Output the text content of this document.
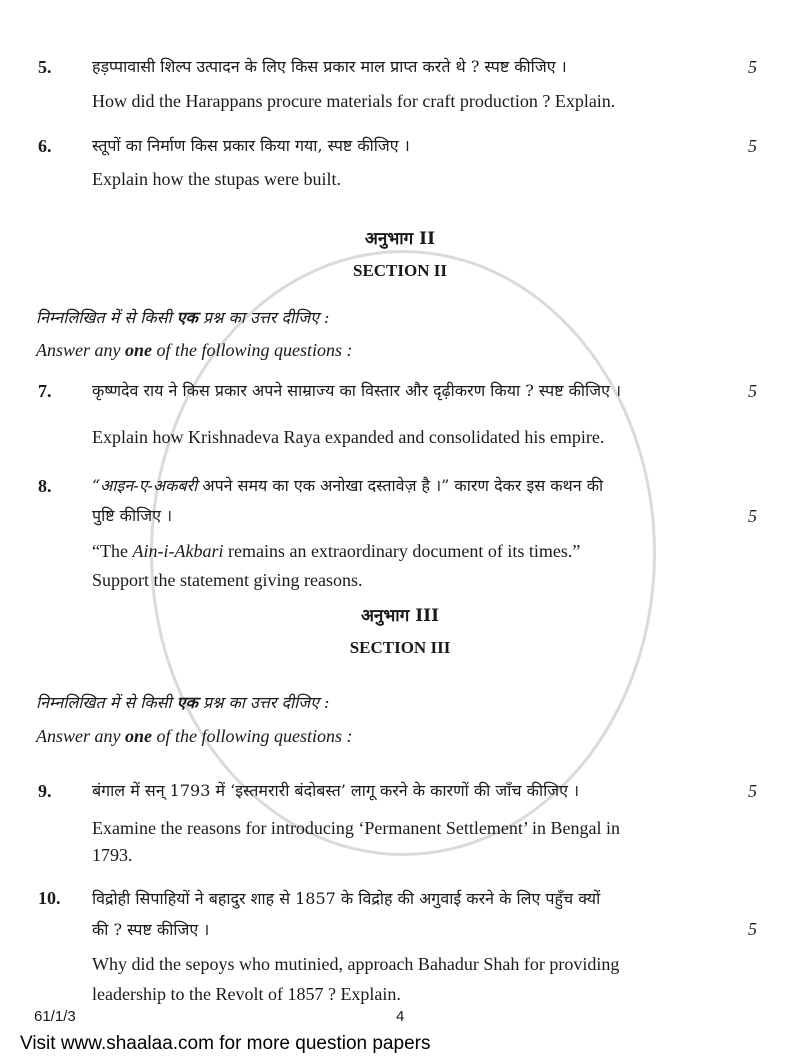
5.	हड़प्पावासी शिल्प उत्पादन के लिए किस प्रकार माल प्राप्त करते थे ? स्पष्ट कीजिए ।	5
How did the Harappans procure materials for craft production ? Explain.
6.	स्तूपों का निर्माण किस प्रकार किया गया, स्पष्ट कीजिए ।	5
Explain how the stupas were built.
अनुभाग II
SECTION II
निम्नलिखित में से किसी एक प्रश्न का उत्तर दीजिए :
Answer any one of the following questions :
7.	कृष्णदेव राय ने किस प्रकार अपने साम्राज्य का विस्तार और दृढ़ीकरण किया ? स्पष्ट कीजिए ।	5
Explain how Krishnadeva Raya expanded and consolidated his empire.
8.	“आइन-ए-अकबरी अपने समय का एक अनोखा दस्तावेज़ है ।” कारण देकर इस कथन की
पुष्टि कीजिए ।	5
“The Ain-i-Akbari remains an extraordinary document of its times.”
Support the statement giving reasons.
अनुभाग III
SECTION III
निम्नलिखित में से किसी एक प्रश्न का उत्तर दीजिए :
Answer any one of the following questions :
9.	बंगाल में सन् 1793 में ‘इस्तमरारी बंदोबस्त’ लागू करने के कारणों की जाँच कीजिए ।	5
Examine the reasons for introducing ‘Permanent Settlement’ in Bengal in
1793.
10. विद्रोही सिपाहियों ने बहादुर शाह से 1857 के विद्रोह की अगुवाई करने के लिए पहुँच क्यों
की ? स्पष्ट कीजिए ।	5
Why did the sepoys who mutinied, approach Bahadur Shah for providing
leadership to the Revolt of 1857 ? Explain.
61/1/3	4
Visit www.shaalaa.com for more question papers
